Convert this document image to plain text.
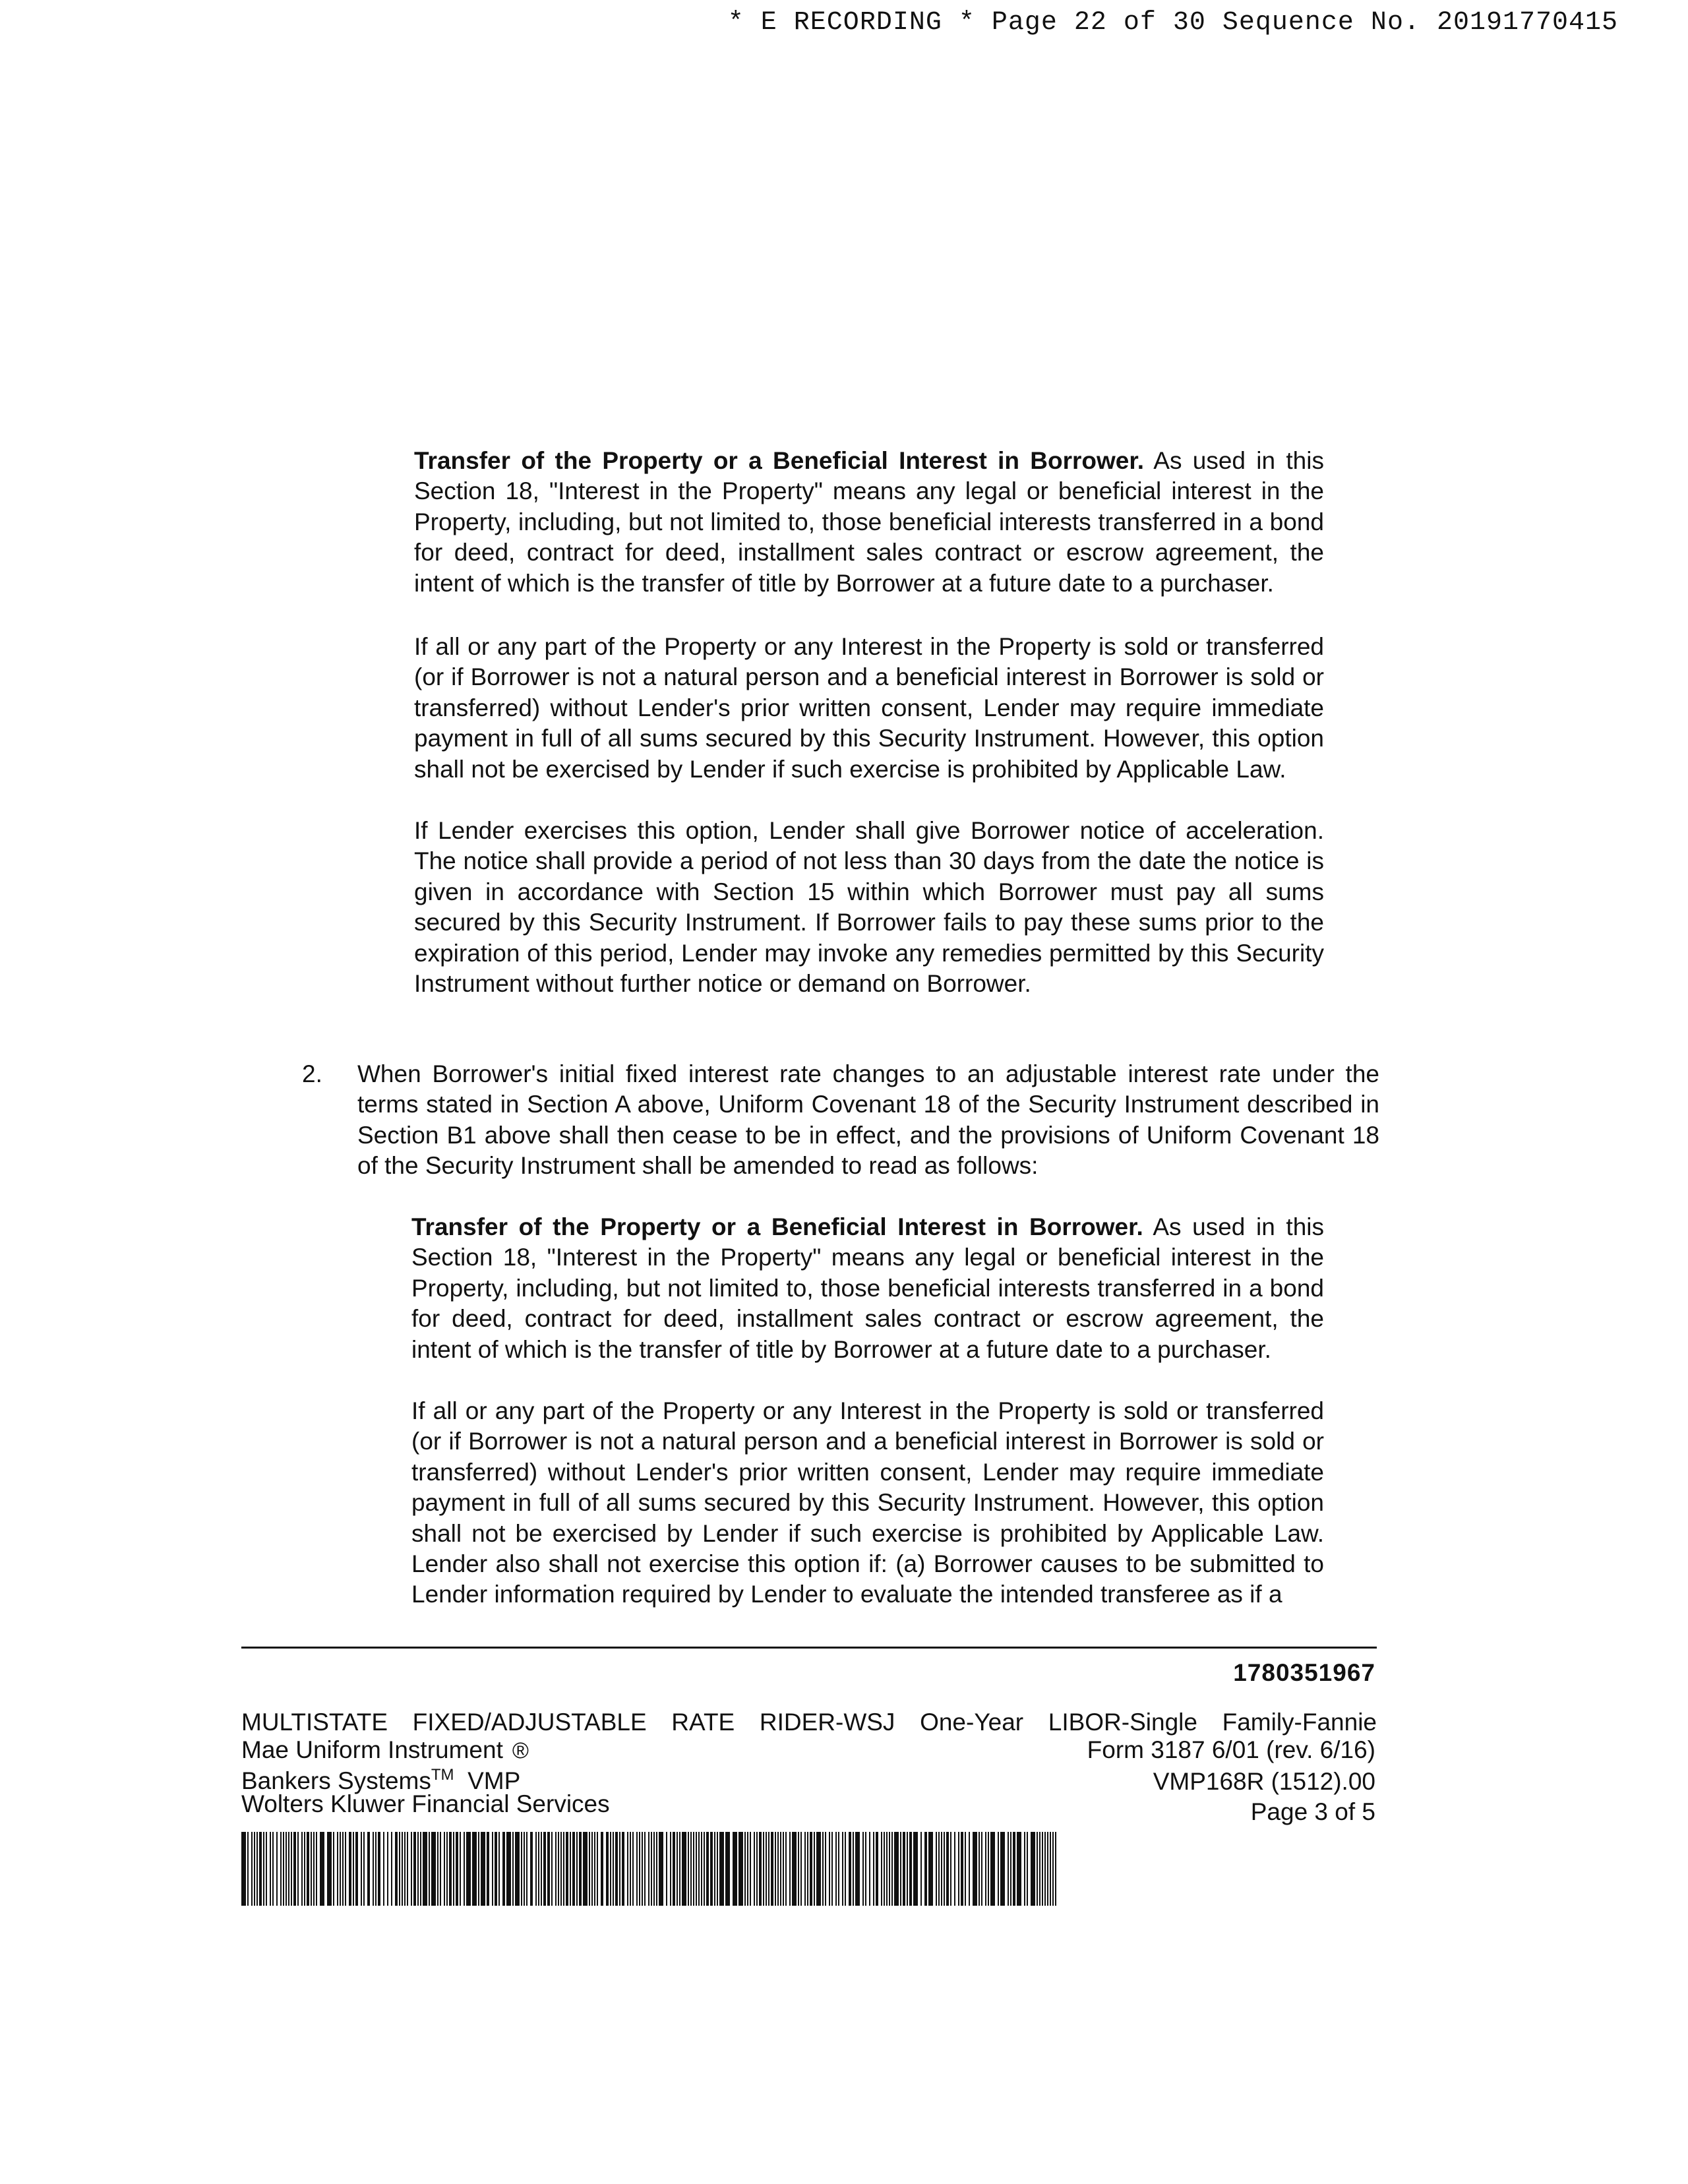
* E RECORDING * Page 22 of 30 Sequence No. 20191770415

Transfer of the Property or a Beneficial Interest in Borrower. As used in this Section 18, "Interest in the Property" means any legal or beneficial interest in the Property, including, but not limited to, those beneficial interests transferred in a bond for deed, contract for deed, installment sales contract or escrow agreement, the intent of which is the transfer of title by Borrower at a future date to a purchaser.

If all or any part of the Property or any Interest in the Property is sold or transferred (or if Borrower is not a natural person and a beneficial interest in Borrower is sold or transferred) without Lender's prior written consent, Lender may require immediate payment in full of all sums secured by this Security Instrument. However, this option shall not be exercised by Lender if such exercise is prohibited by Applicable Law.

If Lender exercises this option, Lender shall give Borrower notice of acceleration. The notice shall provide a period of not less than 30 days from the date the notice is given in accordance with Section 15 within which Borrower must pay all sums secured by this Security Instrument. If Borrower fails to pay these sums prior to the expiration of this period, Lender may invoke any remedies permitted by this Security Instrument without further notice or demand on Borrower.

2. When Borrower's initial fixed interest rate changes to an adjustable interest rate under the terms stated in Section A above, Uniform Covenant 18 of the Security Instrument described in Section B1 above shall then cease to be in effect, and the provisions of Uniform Covenant 18 of the Security Instrument shall be amended to read as follows:

Transfer of the Property or a Beneficial Interest in Borrower. As used in this Section 18, "Interest in the Property" means any legal or beneficial interest in the Property, including, but not limited to, those beneficial interests transferred in a bond for deed, contract for deed, installment sales contract or escrow agreement, the intent of which is the transfer of title by Borrower at a future date to a purchaser.

If all or any part of the Property or any Interest in the Property is sold or transferred (or if Borrower is not a natural person and a beneficial interest in Borrower is sold or transferred) without Lender's prior written consent, Lender may require immediate payment in full of all sums secured by this Security Instrument. However, this option shall not be exercised by Lender if such exercise is prohibited by Applicable Law. Lender also shall not exercise this option if: (a) Borrower causes to be submitted to Lender information required by Lender to evaluate the intended transferee as if a

1780351967
MULTISTATE FIXED/ADJUSTABLE RATE RIDER-WSJ One-Year LIBOR-Single Family-Fannie
Mae Uniform Instrument ®	Form 3187 6/01 (rev. 6/16)
Bankers Systems™  VMP	VMP168R (1512).00
Wolters Kluwer Financial Services	Page 3 of 5
